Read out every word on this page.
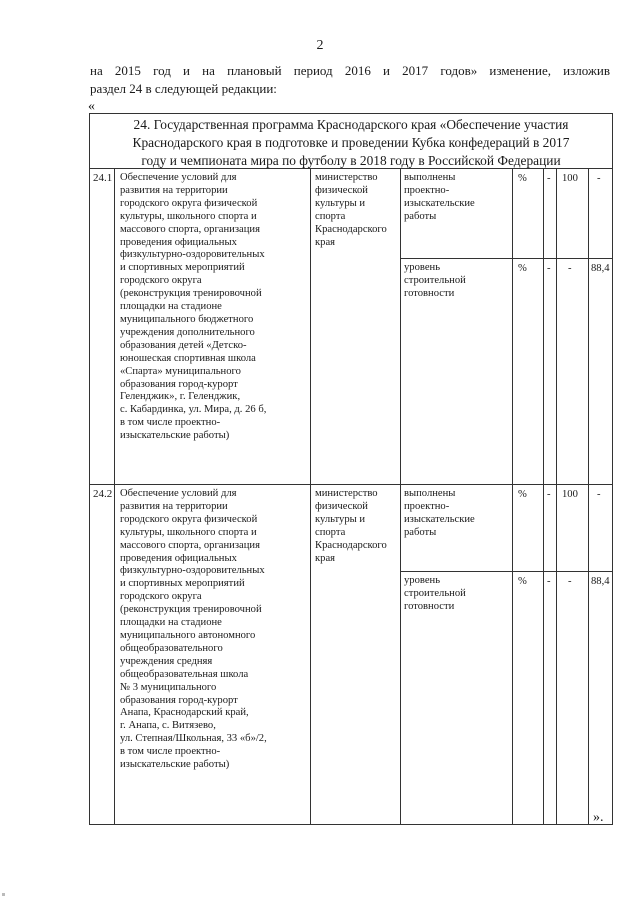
2
на 2015 год и на плановый период 2016 и 2017 годов» изменение, изложив
раздел 24 в следующей редакции:
«
24. Государственная программа Краснодарского края «Обеспечение участия
Краснодарского края в подготовке и проведении Кубка конфедераций в 2017
году и чемпионата мира по футболу в 2018 году в Российской Федерации
24.1 Обеспечение условий для
развития на территории
городского округа физической
культуры, школьного спорта и
массового спорта, организация
проведения официальных
физкультурно-оздоровительных
и спортивных мероприятий
городского округа
(реконструкция тренировочной
площадки на стадионе
муниципального бюджетного
учреждения дополнительного
образования детей «Детско-
юношеская спортивная школа
«Спарта» муниципального
образования город-курорт
Геленджик», г. Геленджик,
с. Кабардинка, ул. Мира, д. 26 б,
в том числе проектно-
изыскательские работы)
министерство
физической
культуры и
спорта
Краснодарского
края
выполнены
проектно-
изыскательские
работы
% - 100 -
уровень
строительной
готовности
% - - 88,4
24.2 Обеспечение условий для
развития на территории
городского округа физической
культуры, школьного спорта и
массового спорта, организация
проведения официальных
физкультурно-оздоровительных
и спортивных мероприятий
городского округа
(реконструкция тренировочной
площадки на стадионе
муниципального автономного
общеобразовательного
учреждения средняя
общеобразовательная школа
№ 3 муниципального
образования город-курорт
Анапа, Краснодарский край,
г. Анапа, с. Витязево,
ул. Степная/Школьная, 33 «б»/2,
в том числе проектно-
изыскательские работы)
министерство
физической
культуры и
спорта
Краснодарского
края
выполнены
проектно-
изыскательские
работы
% - 100 -
уровень
строительной
готовности
% - - 88,4
».
